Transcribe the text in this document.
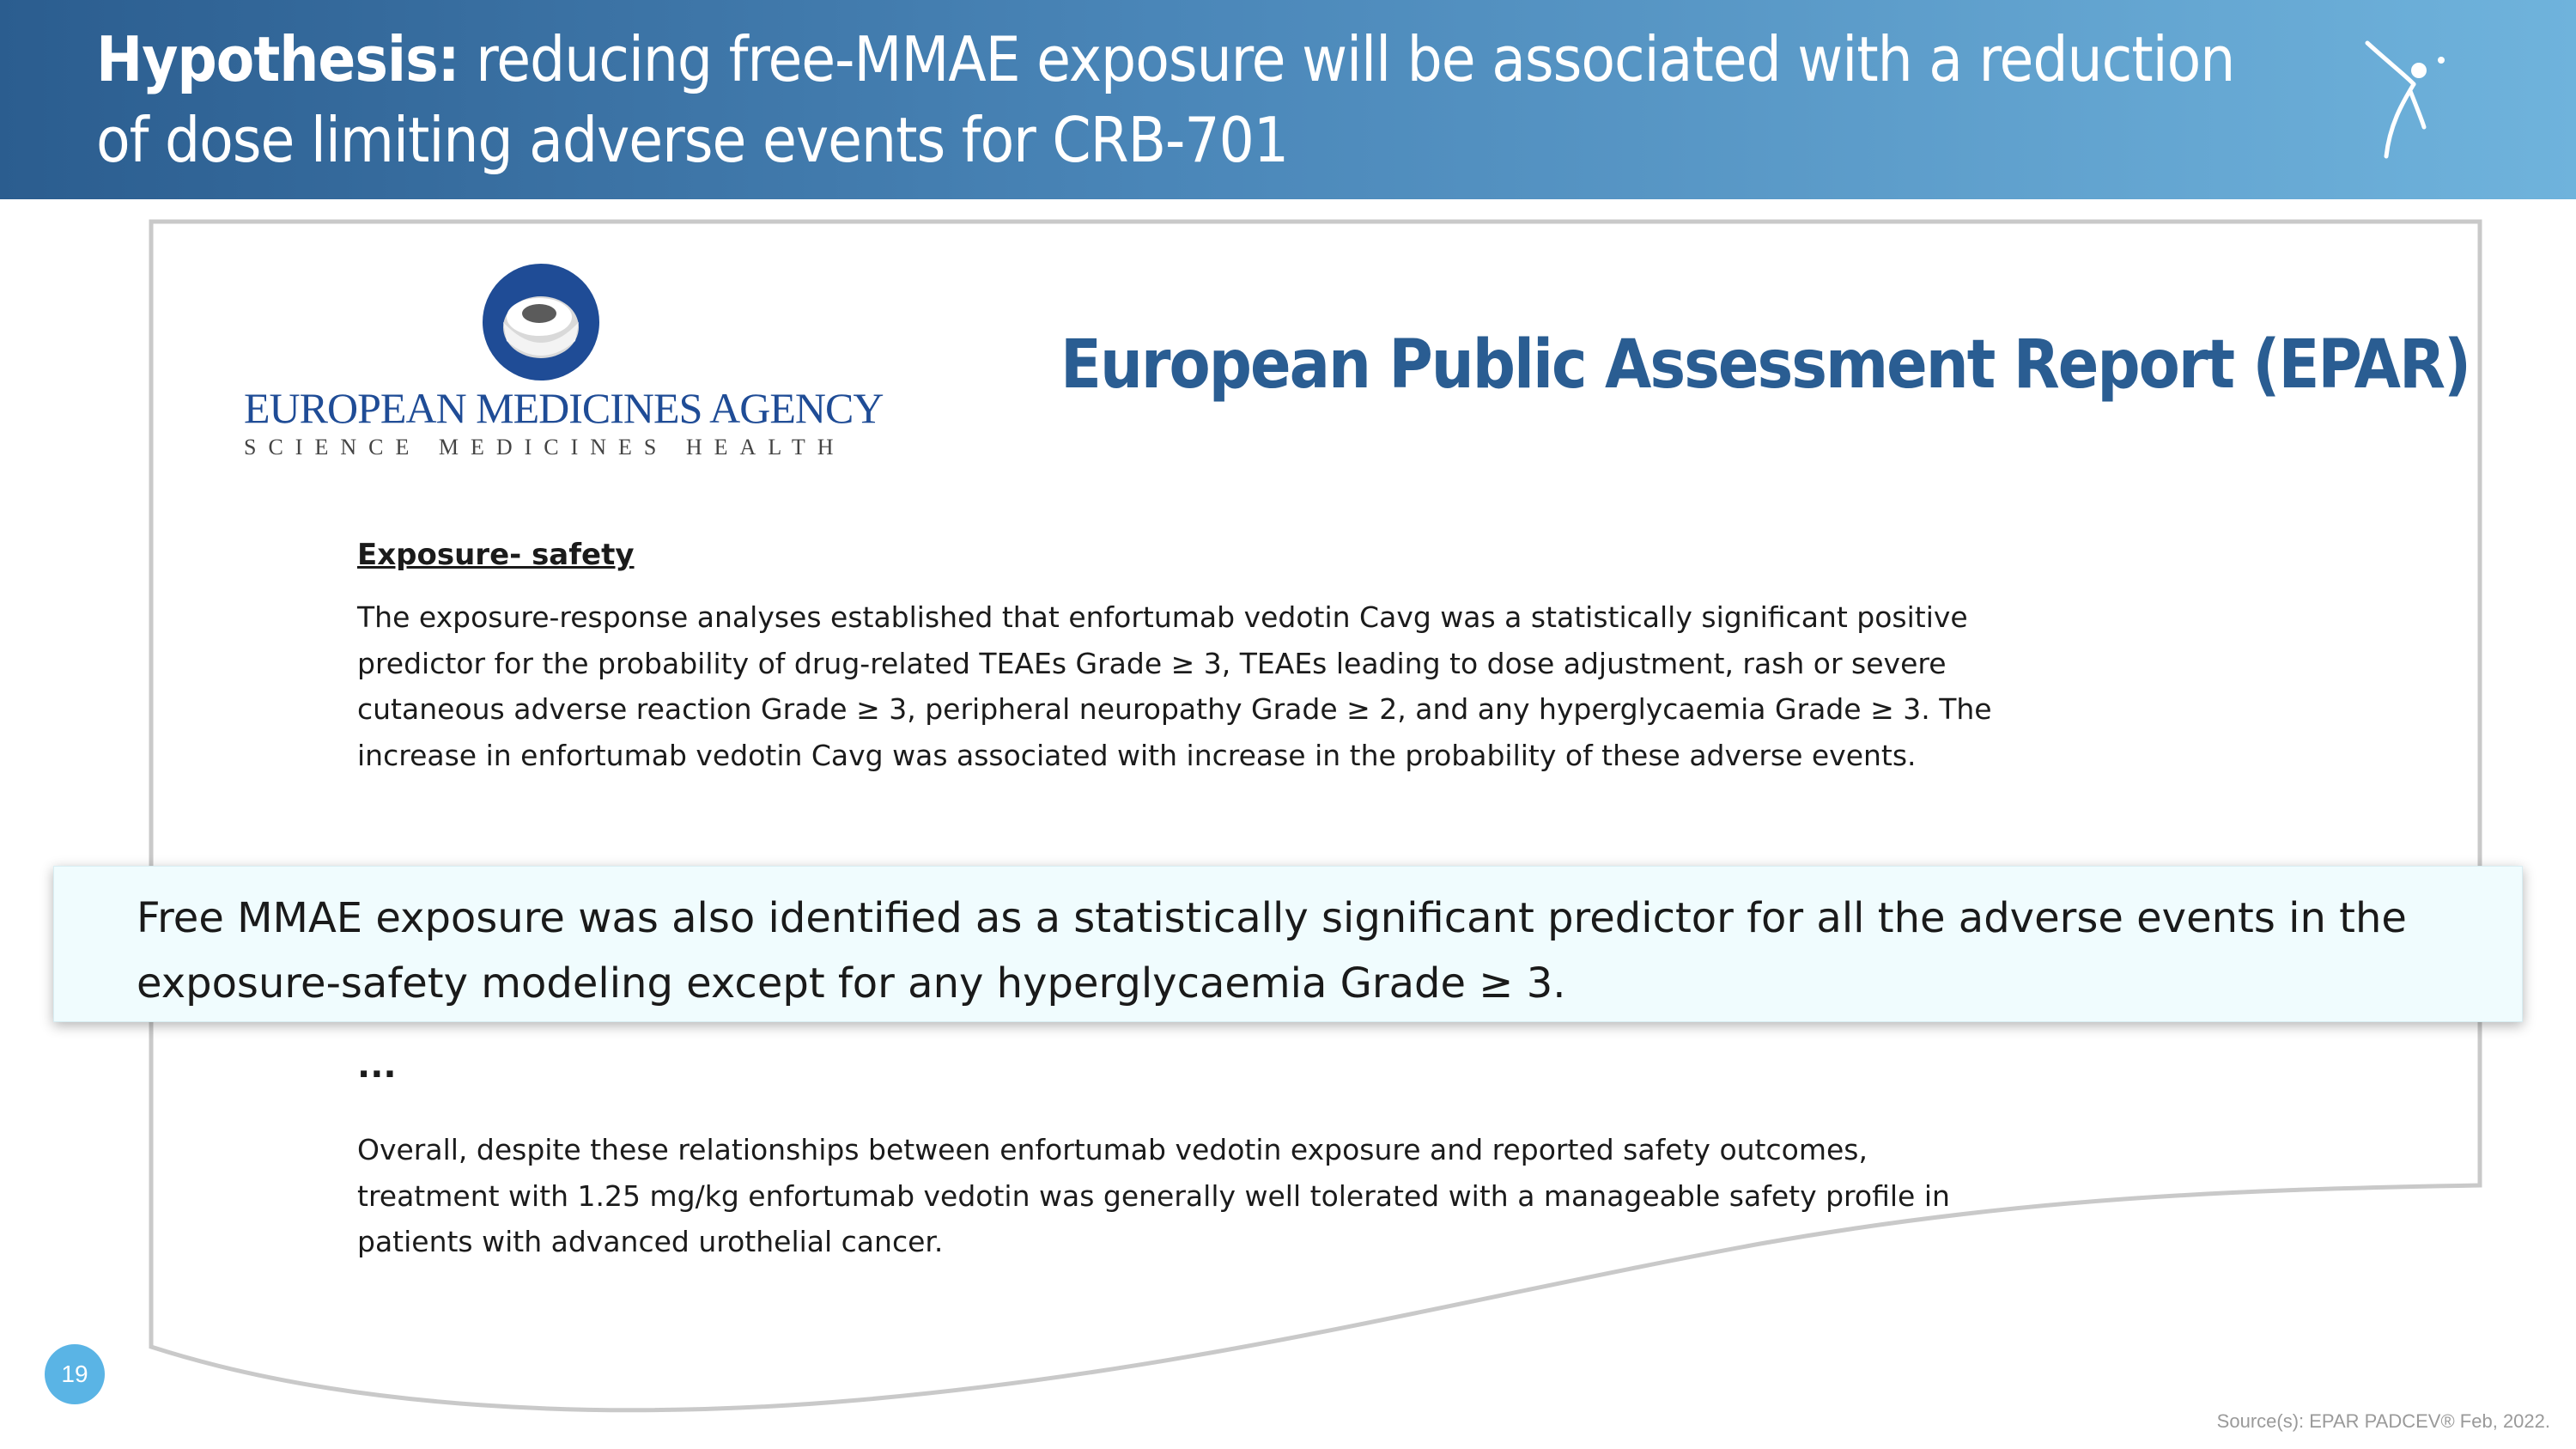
Hypothesis: reducing free-MMAE exposure will be associated with a reduction of dose limiting adverse events for CRB-701
EUROPEAN MEDICINES AGENCY
SCIENCE MEDICINES HEALTH
European Public Assessment Report (EPAR)
Exposure- safety
The exposure-response analyses established that enfortumab vedotin Cavg was a statistically significant positive predictor for the probability of drug-related TEAEs Grade ≥ 3, TEAEs leading to dose adjustment, rash or severe cutaneous adverse reaction Grade ≥ 3, peripheral neuropathy Grade ≥ 2, and any hyperglycaemia Grade ≥ 3. The increase in enfortumab vedotin Cavg was associated with increase in the probability of these adverse events.
Free MMAE exposure was also identified as a statistically significant predictor for all the adverse events in the exposure-safety modeling except for any hyperglycaemia Grade ≥ 3.
...
Overall, despite these relationships between enfortumab vedotin exposure and reported safety outcomes, treatment with 1.25 mg/kg enfortumab vedotin was generally well tolerated with a manageable safety profile in patients with advanced urothelial cancer.
19
Source(s): EPAR PADCEV® Feb, 2022.
